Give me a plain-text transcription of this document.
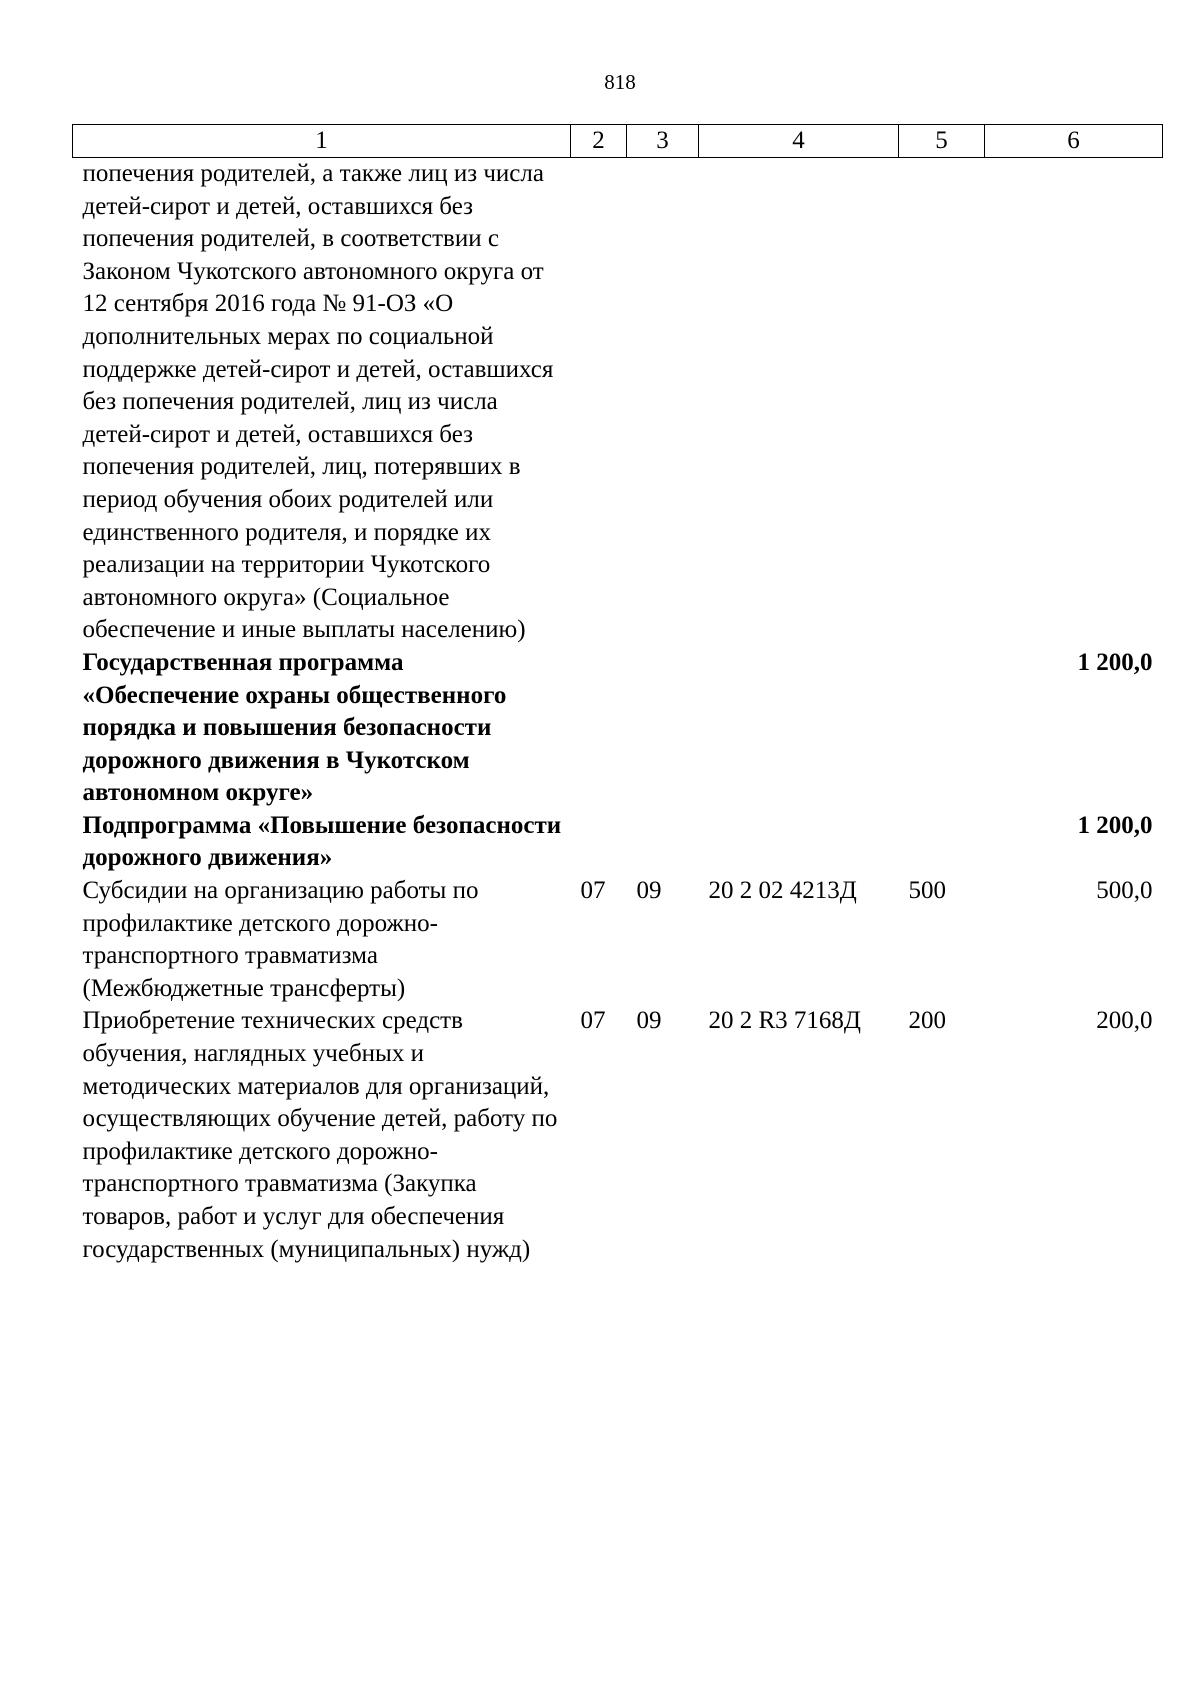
818
1	2	3	4	5	6
попечения родителей, а также лиц из числа детей-сирот и детей, оставшихся без попечения родителей, в соответствии с Законом Чукотского автономного округа от 12 сентября 2016 года № 91-ОЗ «О дополнительных мерах по социальной поддержке детей-сирот и детей, оставшихся без попечения родителей, лиц из числа детей-сирот и детей, оставшихся без попечения родителей, лиц, потерявших в период обучения обоих родителей или единственного родителя, и порядке их реализации на территории Чукотского автономного округа» (Социальное обеспечение и иные выплаты населению)					
Государственная программа «Обеспечение охраны общественного порядка и повышения безопасности дорожного движения в Чукотском автономном округе»					1 200,0
Подпрограмма «Повышение безопасности дорожного движения»					1 200,0
Субсидии на организацию работы по профилактике детского дорожно-транспортного травматизма (Межбюджетные трансферты)	07	09	20 2 02 4213Д	500	500,0
Приобретение технических средств обучения, наглядных учебных и методических материалов для организаций, осуществляющих обучение детей, работу по профилактике детского дорожно-транспортного травматизма (Закупка товаров, работ и услуг для обеспечения государственных (муниципальных) нужд)	07	09	20 2 R3 7168Д	200	200,0
